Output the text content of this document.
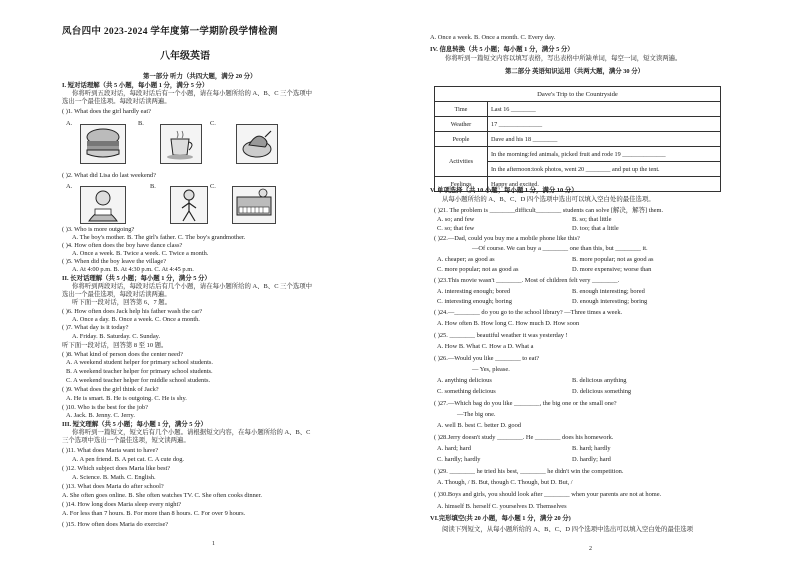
凤台四中 2023-2024 学年度第一学期阶段学情检测
八年级英语
第一部分 听力（共四大题，满分 20 分）
I. 短对话理解（共 5 小题，每小题 1 分，满分 5 分）
你将听到五段对话，每段对话后有一个小题，请在每小题所给的 A、B、C 三个选项中
选出一个最佳选项。每段对话读两遍。
( )1. What does the girl hardly eat?
A.	B.	C.
( )2. What did Lisa do last weekend?
A.	B.	C.
( )3. Who is more outgoing?
A. The boy's mother. B. The girl's father. C. The boy's grandmother.
( )4. How often does the boy have dance class?
A. Once a week. B. Twice a week. C. Twice a month.
( )5. When did the boy leave the village?
A. At 4:00 p.m. B. At 4:30 p.m. C. At 4:45 p.m.
II. 长对话理解（共 5 小题；每小题 1 分，满分 5 分）
你将听到两段对话，每段对话后有几个小题，请在每小题所给的 A、B、C 三个选项中
选出一个最佳选项，每段对话读两遍。
听下面一段对话，回答第 6、7 题。
( )6. How often does Jack help his father wash the car?
A. Once a day. B. Once a week. C. Once a month.
( )7. What day is it today?
A. Friday. B. Saturday. C. Sunday.
听下面一段对话，回答第 8 至 10 题。
( )8. What kind of person does the center need?
A. A weekend student helper for primary school students.
B. A weekend teacher helper for primary school students.
C. A weekend teacher helper for middle school students.
( )9. What does the girl think of Jack?
A. He is smart. B. He is outgoing. C. He is shy.
( )10. Who is the best for the job?
A. Jack. B. Jenny. C. Jerry.
III. 短文理解（共 5 小题；每小题 1 分，满分 5 分）
你将听到一篇短文，短文后有几个小题。请根据短文内容，在每小题所给的 A、B、C
三个选项中选出一个最佳选项，短文读两遍。
( )11. What does Maria want to have?
A. A pen friend. B. A pet cat. C. A cute dog.
( )12. Which subject does Maria like best?
A. Science. B. Math. C. English.
( )13. What does Maria do after school?
A. She often goes online. B. She often watches TV. C. She often cooks dinner.
( )14. How long does Maria sleep every night?
A. For less than 7 hours. B. For more than 8 hours. C. For over 9 hours.
( )15. How often does Maria do exercise?
1
A. Once a week. B. Once a month. C. Every day.
IV. 信息转换（共 5 小题；每小题 1 分，满分 5 分）
你将听到一篇短文内容以填写表格，写出表格中所缺单词，每空一词，短文读两遍。
第二部分 英语知识运用（共两大题，满分 30 分）
Dave's Trip to the Countryside	
Time	Last 16 ________
Weather	17 ______________
People	Dave and his 18 ________
Activities	In the morning:fed animals, picked fruit and rode 19 ______________
	In the afternoon:took photos, went 20 ________ and put up the tent.
Feelings	Happy and excited.
V. 单项选择（共 10 小题；每小题 1 分，满分 10 分）
从每小题所给的 A、B、C、D 四个选项中选出可以填入空白处的最佳选项。
( )21. The problem is ________difficult________ students can solve [解决，解答] them.
A. so; and few	B. so; that little
C. so; that few	D. too; that a little
( )22.—Dad, could you buy me a mobile phone like this?
—Of course. We can buy a ________ one than this, but ________ it.
A. cheaper; as good as	B. more popular; not as good as
C. more popular; not as good as	D. more expensive; worse than
( )23.This movie wasn't ________. Most of children felt very ________.
A. interesting enough; bored	B. enough interesting; bored
C. interesting enough; boring	D. enough interesting; boring
( )24.—________ do you go to the school library? —Three times a week.
A. How often B. How long C. How much D. How soon
( )25. ________ beautiful weather it was yesterday !
A. How B. What C. How a D. What a
( )26.—Would you like ________ to eat?
— Yes, please.
A. anything delicious	B. delicious anything
C. something delicious	D. delicious something
( )27.—Which bag do you like ________, the big one or the small one?
—The big one.
A. well B. best C. better D. good
( )28.Jerry doesn't study ________. He ________ does his homework.
A. hard; hard	B. hard; hardly
C. hardly; hardly	D. hardly; hard
( )29. ________ he tried his best, ________ he didn't win the competition.
A. Though, / B. But, though C. Though, but D. But, /
( )30.Boys and girls, you should look after ________ when your parents are not at home.
A. himself B. herself C. yourselves D. Themselves
VI.完形填空(共 20 小题，每小题 1 分，满分 20 分)
阅读下列短文，从每小题所给的 A、B、C、D 四个选项中选出可以填入空白处的最佳选项
2
